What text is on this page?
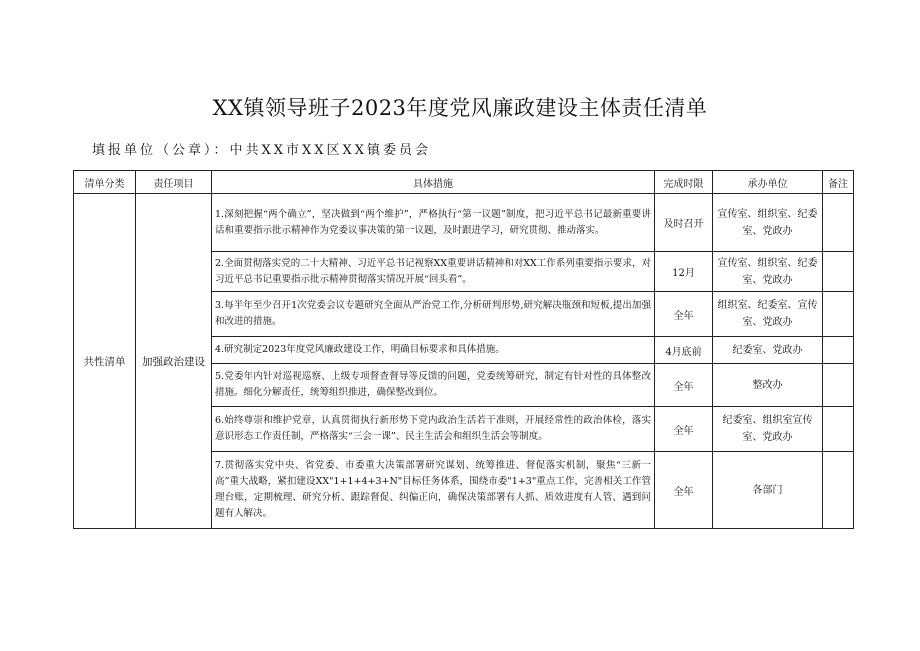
XX镇领导班子2023年度党风廉政建设主体责任清单
填报单位（公章）：中共XX市XX区XX镇委员会
清单分类	责任项目	具体措施	完成时限	承办单位	备注
共性清单	加强政治建设	1.深刻把握“两个确立”，坚决做到“两个维护”，严格执行“第一议题”制度，把习近平总书记最新重要讲话和重要指示批示精神作为党委议事决策的第一议题，及时跟进学习，研究贯彻、推动落实。	及时召开	宣传室、组织室、纪委室、党政办	
		2.全面贯彻落实党的二十大精神、习近平总书记视察XX重要讲话精神和对XX工作系列重要指示要求，对习近平总书记重要指示批示精神贯彻落实情况开展“回头看”。	12月	宣传室、组织室、纪委室、党政办	
		3.每半年至少召开1次党委会议专题研究全面从严治党工作,分析研判形势,研究解决瓶颈和短板,提出加强和改进的措施。	全年	组织室、纪委室、宣传室、党政办	
		4.研究制定2023年度党风廉政建设工作，明确目标要求和具体措施。	4月底前	纪委室、党政办	
		5.党委年内针对巡视巡察、上级专项督查督导等反馈的问题，党委统筹研究，制定有针对性的具体整改措施。细化分解责任，统筹组织推进，确保整改到位。	全年	整改办	
		6.始终尊崇和维护党章，认真贯彻执行新形势下党内政治生活若干准则，开展经常性的政治体检，落实意识形态工作责任制，严格落实“三会一课”、民主生活会和组织生活会等制度。	全年	纪委室、组织室宣传室、党政办	
		7.贯彻落实党中央、省党委、市委重大决策部署研究谋划、统筹推进、督促落实机制，聚焦“三新一高”重大战略，紧扣建设XX"1+1+4+3+N"目标任务体系，围绕市委"1+3"重点工作，完善相关工作管理台账，定期梳理、研究分析、跟踪督促、纠偏正向，确保决策部署有人抓、质效进度有人管、遇到问题有人解决。	全年	各部门	
